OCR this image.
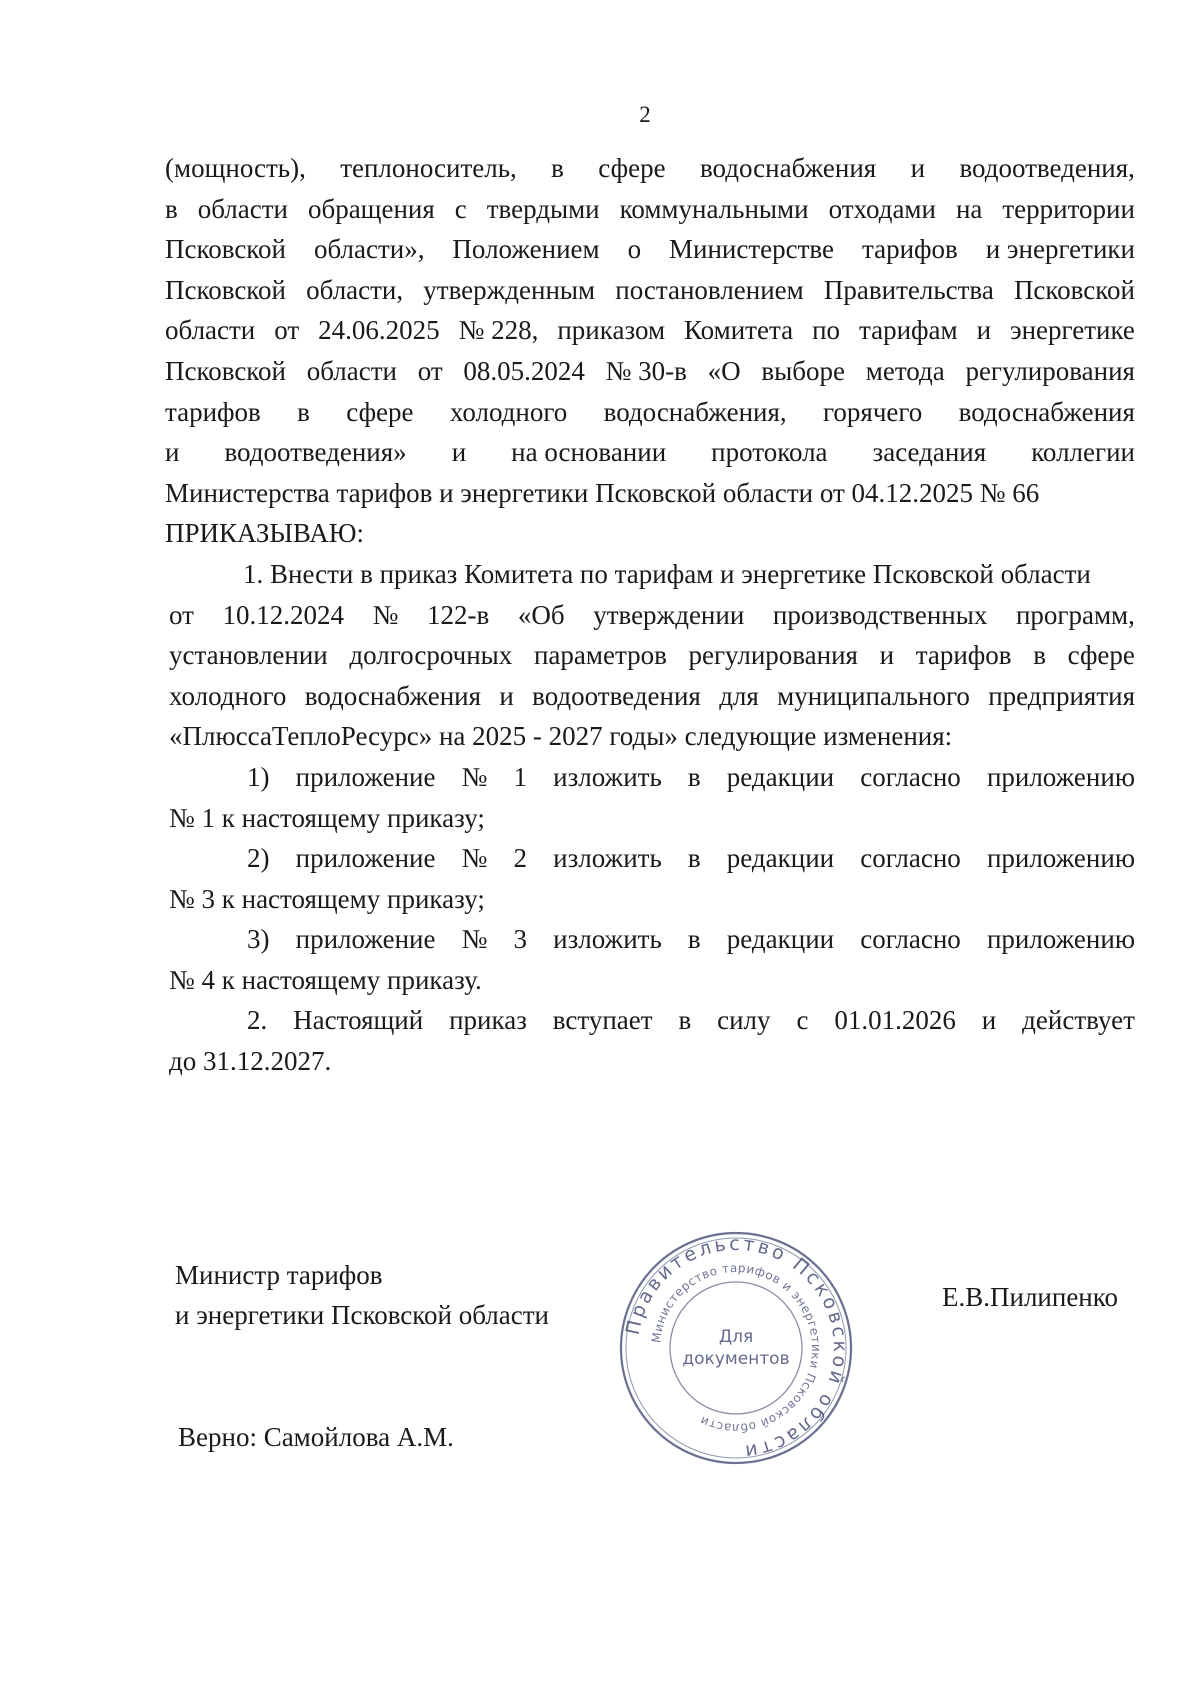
2
(мощность), теплоноситель, в сфере водоснабжения и водоотведения,
в области обращения с твердыми коммунальными отходами на территории
Псковской области», Положением о Министерстве тарифов и энергетики
Псковской области, утвержденным постановлением Правительства Псковской
области от 24.06.2025 № 228, приказом Комитета по тарифам и энергетике
Псковской области от 08.05.2024 № 30-в «О выборе метода регулирования
тарифов в сфере холодного водоснабжения, горячего водоснабжения
и водоотведения» и на основании протокола заседания коллегии
Министерства тарифов и энергетики Псковской области от 04.12.2025 № 66
ПРИКАЗЫВАЮ:
1. Внести в приказ Комитета по тарифам и энергетике Псковской области
от 10.12.2024 № 122-в «Об утверждении производственных программ,
установлении долгосрочных параметров регулирования и тарифов в сфере
холодного водоснабжения и водоотведения для муниципального предприятия
«ПлюссаТеплоРесурс» на 2025 - 2027 годы» следующие изменения:
1) приложение № 1 изложить в редакции согласно приложению
№ 1 к настоящему приказу;
2) приложение № 2 изложить в редакции согласно приложению
№ 3 к настоящему приказу;
3) приложение № 3 изложить в редакции согласно приложению
№ 4 к настоящему приказу.
2. Настоящий приказ вступает в силу с 01.01.2026 и действует
до 31.12.2027.
Министр тарифов
и энергетики Псковской области
Е.В.Пилипенко
Верно: Самойлова А.М.
Правительство Псковской области
Министерство тарифов и энергетики Псковской области
Для
документов
